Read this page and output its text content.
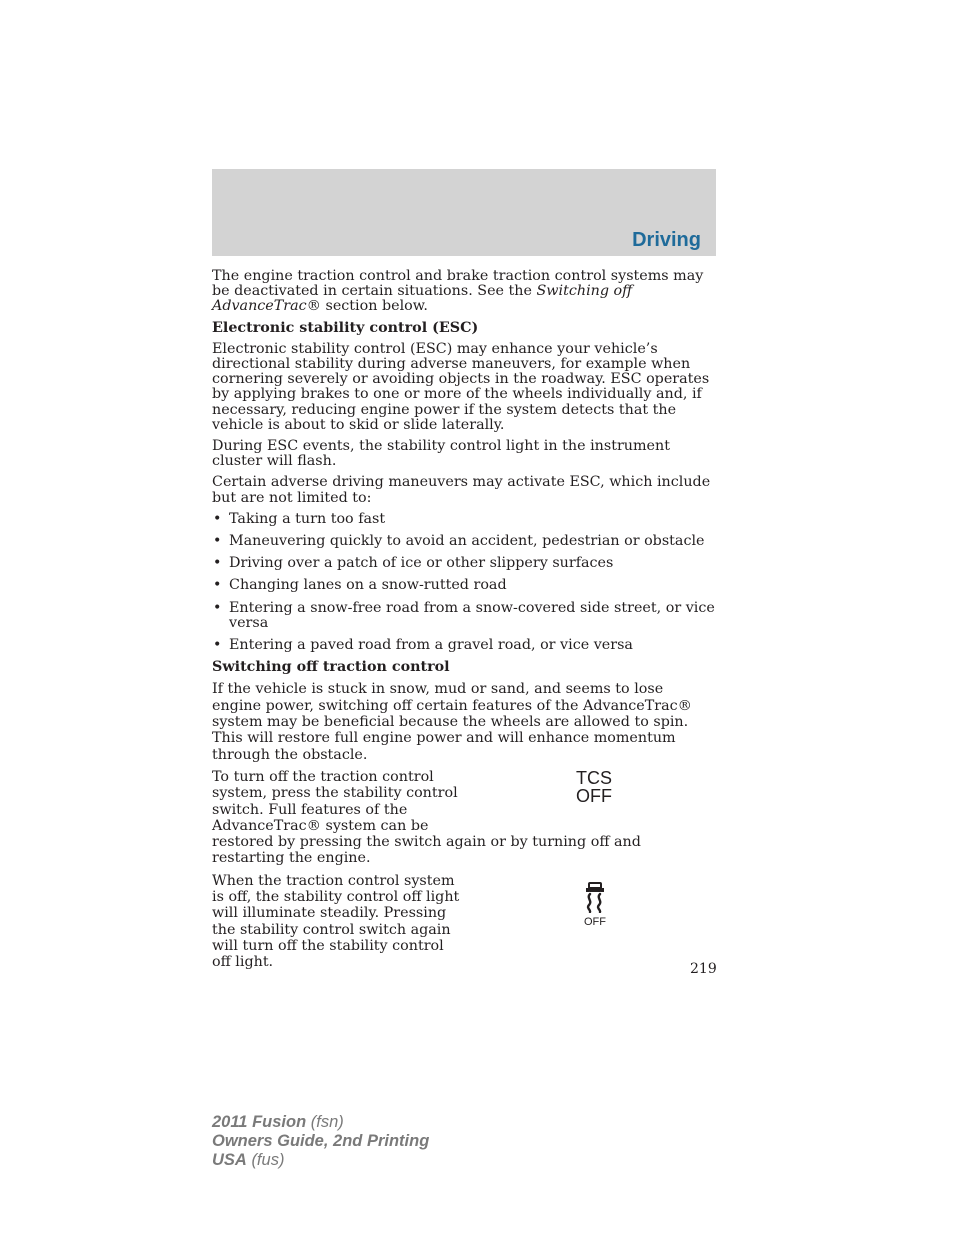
Driving

The engine traction control and brake traction control systems may be deactivated in certain situations. See the Switching off AdvanceTrac® section below.

Electronic stability control (ESC)

Electronic stability control (ESC) may enhance your vehicle’s directional stability during adverse maneuvers, for example when cornering severely or avoiding objects in the roadway. ESC operates by applying brakes to one or more of the wheels individually and, if necessary, reducing engine power if the system detects that the vehicle is about to skid or slide laterally.

During ESC events, the stability control light in the instrument cluster will flash.

Certain adverse driving maneuvers may activate ESC, which include but are not limited to:

• Taking a turn too fast
• Maneuvering quickly to avoid an accident, pedestrian or obstacle
• Driving over a patch of ice or other slippery surfaces
• Changing lanes on a snow-rutted road
• Entering a snow-free road from a snow-covered side street, or vice versa
• Entering a paved road from a gravel road, or vice versa
Switching off traction control

If the vehicle is stuck in snow, mud or sand, and seems to lose engine power, switching off certain features of the AdvanceTrac® system may be beneficial because the wheels are allowed to spin. This will restore full engine power and will enhance momentum through the obstacle.

To turn off the traction control system, press the stability control switch. Full features of the AdvanceTrac® system can be
TCS
OFF

restored by pressing the switch again or by turning off and restarting the engine.

When the traction control system is off, the stability control off light will illuminate steadily. Pressing the stability control switch again will turn off the stability control off light.
OFF
219
2011 Fusion (fsn)
Owners Guide, 2nd Printing
USA (fus)
